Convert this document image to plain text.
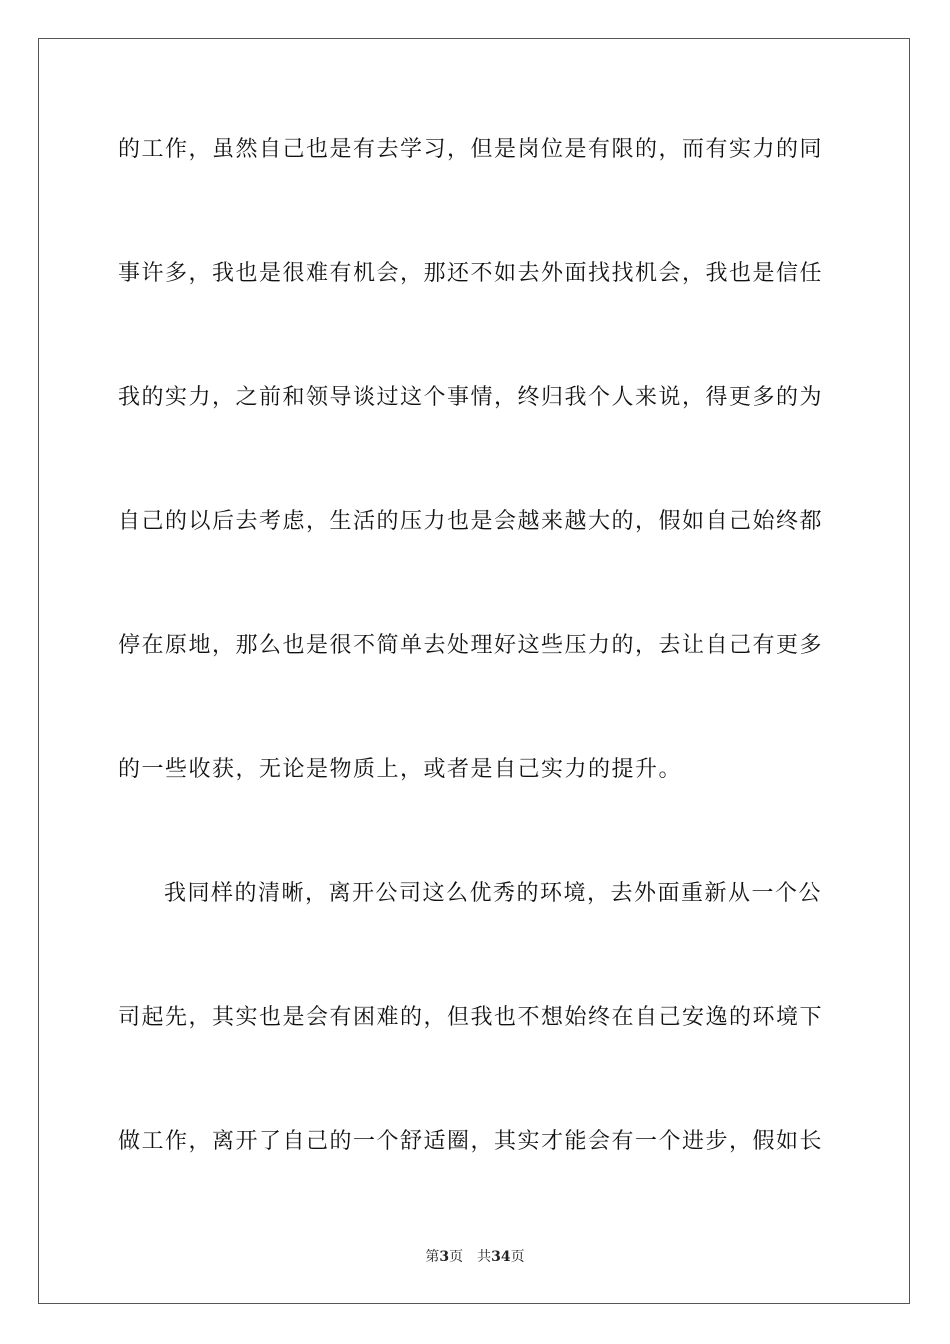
的工作，虽然自己也是有去学习，但是岗位是有限的，而有实力的同
事许多，我也是很难有机会，那还不如去外面找找机会，我也是信任
我的实力，之前和领导谈过这个事情，终归我个人来说，得更多的为
自己的以后去考虑，生活的压力也是会越来越大的，假如自己始终都
停在原地，那么也是很不简单去处理好这些压力的，去让自己有更多
的一些收获，无论是物质上，或者是自己实力的提升。
我同样的清晰，离开公司这么优秀的环境，去外面重新从一个公
司起先，其实也是会有困难的，但我也不想始终在自己安逸的环境下
做工作，离开了自己的一个舒适圈，其实才能会有一个进步，假如长
第3页 共34页
